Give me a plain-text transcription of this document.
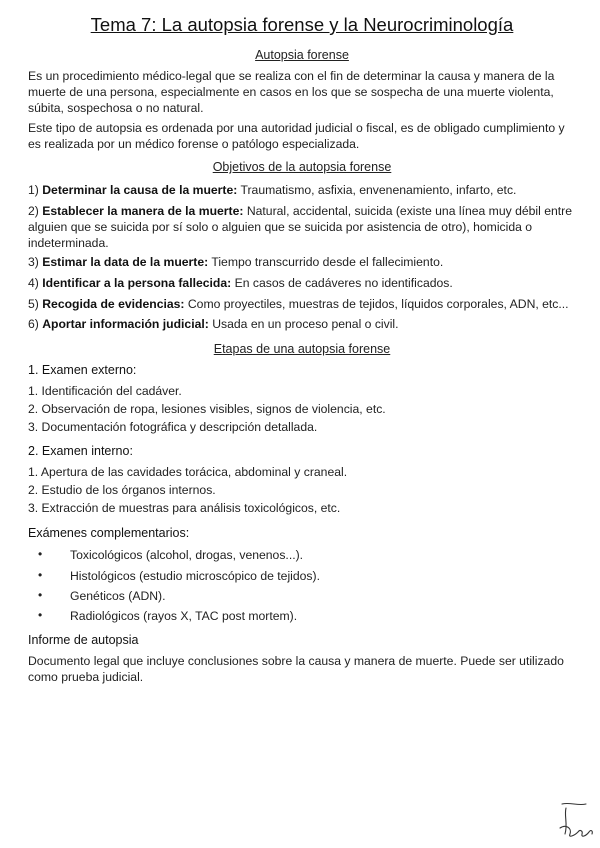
Tema 7: La autopsia forense y la Neurocriminología
Autopsia forense
Es un procedimiento médico-legal que se realiza con el fin de determinar la causa y manera de la muerte de una persona, especialmente en casos en los que se sospecha de una muerte violenta, súbita, sospechosa o no natural.
Este tipo de autopsia es ordenada por una autoridad judicial o fiscal, es de obligado cumplimiento y es realizada por un médico forense o patólogo especializada.
Objetivos de la autopsia forense
1) Determinar la causa de la muerte: Traumatismo, asfixia, envenenamiento, infarto, etc.
2) Establecer la manera de la muerte: Natural, accidental, suicida (existe una línea muy débil entre alguien que se suicida por sí solo o alguien que se suicida por asistencia de otro), homicida o indeterminada.
3) Estimar la data de la muerte: Tiempo transcurrido desde el fallecimiento.
4) Identificar a la persona fallecida: En casos de cadáveres no identificados.
5) Recogida de evidencias: Como proyectiles, muestras de tejidos, líquidos corporales, ADN, etc...
6) Aportar información judicial: Usada en un proceso penal o civil.
Etapas de una autopsia forense
1. Examen externo:
1. Identificación del cadáver.
2. Observación de ropa, lesiones visibles, signos de violencia, etc.
3. Documentación fotográfica y descripción detallada.
2. Examen interno:
1. Apertura de las cavidades torácica, abdominal y craneal.
2. Estudio de los órganos internos.
3. Extracción de muestras para análisis toxicológicos, etc.
Exámenes complementarios:
• Toxicológicos (alcohol, drogas, venenos...).
• Histológicos (estudio microscópico de tejidos).
• Genéticos (ADN).
• Radiológicos (rayos X, TAC post mortem).
Informe de autopsia
Documento legal que incluye conclusiones sobre la causa y manera de muerte. Puede ser utilizado como prueba judicial.
